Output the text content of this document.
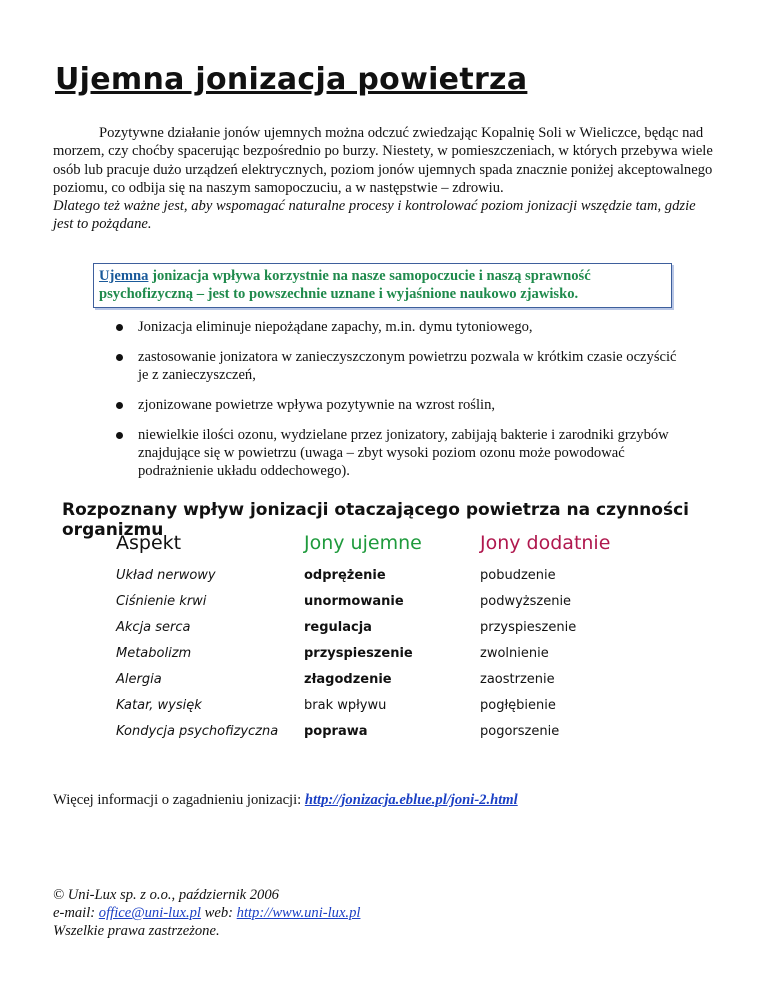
Ujemna jonizacja powietrza
Pozytywne działanie jonów ujemnych można odczuć zwiedzając Kopalnię Soli w Wieliczce, będąc nad morzem, czy choćby spacerując bezpośrednio po burzy. Niestety, w pomieszczeniach, w których przebywa wiele osób lub pracuje dużo urządzeń elektrycznych, poziom jonów ujemnych spada znacznie poniżej akceptowalnego poziomu, co odbija się na naszym samopoczuciu, a w następstwie – zdrowiu.
Dlatego też ważne jest, aby wspomagać naturalne procesy i kontrolować poziom jonizacji wszędzie tam, gdzie jest to pożądane.
Ujemna jonizacja wpływa korzystnie na nasze samopoczucie i naszą sprawność psychofizyczną – jest to powszechnie uznane i wyjaśnione naukowo zjawisko.
Jonizacja eliminuje niepożądane zapachy, m.in. dymu tytoniowego,
zastosowanie jonizatora w zanieczyszczonym powietrzu pozwala w krótkim czasie oczyścić je z zanieczyszczeń,
zjonizowane powietrze wpływa pozytywnie na wzrost roślin,
niewielkie ilości ozonu, wydzielane przez jonizatory, zabijają bakterie i zarodniki grzybów znajdujące się w powietrzu (uwaga – zbyt wysoki poziom ozonu może powodować podrażnienie układu oddechowego).
Rozpoznany wpływ jonizacji otaczającego powietrza na czynności organizmu
Aspekt	Jony ujemne	Jony dodatnie
Układ nerwowy	odprężenie	pobudzenie
Ciśnienie krwi	unormowanie	podwyższenie
Akcja serca	regulacja	przyspieszenie
Metabolizm	przyspieszenie	zwolnienie
Alergia	złagodzenie	zaostrzenie
Katar, wysięk	brak wpływu	pogłębienie
Kondycja psychofizyczna	poprawa	pogorszenie

Więcej informacji o zagadnieniu jonizacji: http://jonizacja.eblue.pl/joni-2.html

© Uni-Lux sp. z o.o., październik 2006
e-mail: office@uni-lux.pl web: http://www.uni-lux.pl
Wszelkie prawa zastrzeżone.
